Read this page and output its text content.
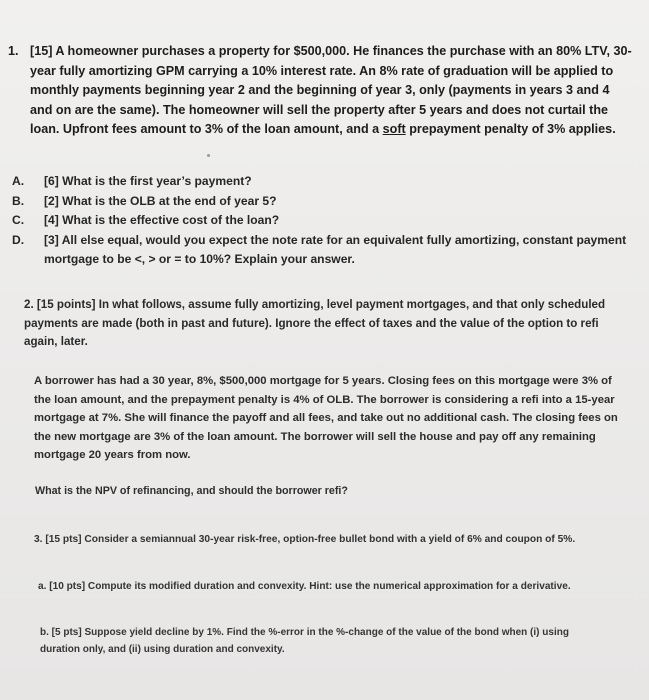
1. [15] A homeowner purchases a property for $500,000. He finances the purchase with an 80% LTV, 30-year fully amortizing GPM carrying a 10% interest rate. An 8% rate of graduation will be applied to monthly payments beginning year 2 and the beginning of year 3, only (payments in years 3 and 4 and on are the same). The homeowner will sell the property after 5 years and does not curtail the loan. Upfront fees amount to 3% of the loan amount, and a soft prepayment penalty of 3% applies.
A. [6] What is the first year’s payment?
B. [2] What is the OLB at the end of year 5?
C. [4] What is the effective cost of the loan?
D. [3] All else equal, would you expect the note rate for an equivalent fully amortizing, constant payment mortgage to be <, > or = to 10%? Explain your answer.
2. [15 points] In what follows, assume fully amortizing, level payment mortgages, and that only scheduled payments are made (both in past and future). Ignore the effect of taxes and the value of the option to refi again, later.
A borrower has had a 30 year, 8%, $500,000 mortgage for 5 years. Closing fees on this mortgage were 3% of the loan amount, and the prepayment penalty is 4% of OLB. The borrower is considering a refi into a 15-year mortgage at 7%. She will finance the payoff and all fees, and take out no additional cash. The closing fees on the new mortgage are 3% of the loan amount. The borrower will sell the house and pay off any remaining mortgage 20 years from now.
What is the NPV of refinancing, and should the borrower refi?
3. [15 pts] Consider a semiannual 30-year risk-free, option-free bullet bond with a yield of 6% and coupon of 5%.
a. [10 pts] Compute its modified duration and convexity. Hint: use the numerical approximation for a derivative.
b. [5 pts] Suppose yield decline by 1%. Find the %-error in the %-change of the value of the bond when (i) using duration only, and (ii) using duration and convexity.
